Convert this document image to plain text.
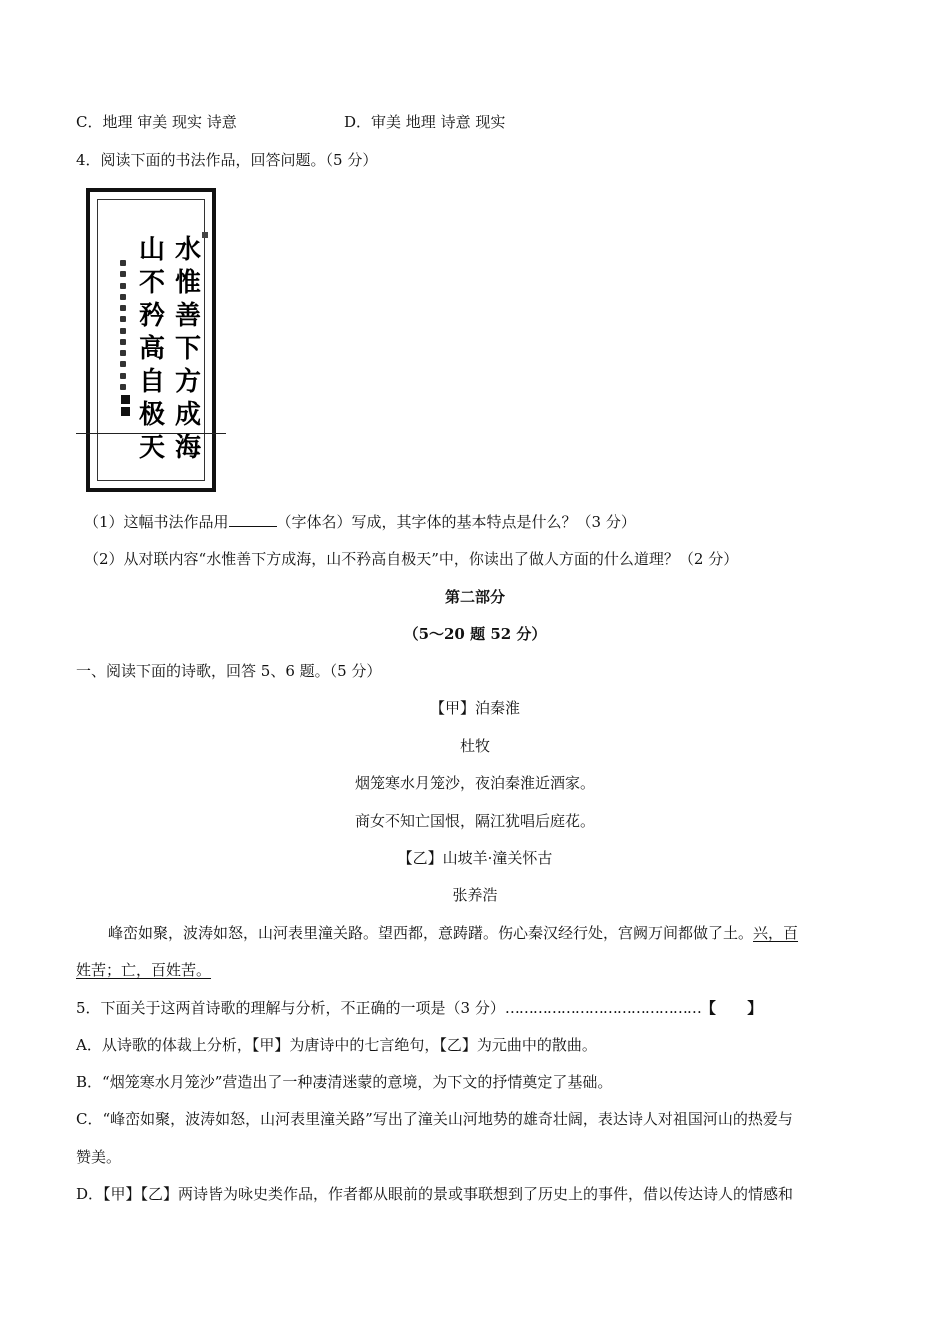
C．地理 审美 现实 诗意	D．审美 地理 诗意 现实
4．阅读下面的书法作品，回答问题。（5 分）
水
惟
善
下
方
成
海
山
不
矜
高
自
极
天
（1）这幅书法作品用	（字体名）写成，其字体的基本特点是什么？（3 分）
（2）从对联内容“水惟善下方成海，山不矜高自极天”中，你读出了做人方面的什么道理？（2 分）
第二部分
（5～20 题 52 分）
一、阅读下面的诗歌，回答 5、6 题。（5 分）
【甲】泊秦淮
杜牧
烟笼寒水月笼沙，夜泊秦淮近酒家。
商女不知亡国恨，隔江犹唱后庭花。
【乙】山坡羊·潼关怀古
张养浩
峰峦如聚，波涛如怒，山河表里潼关路。望西都，意踌躇。伤心秦汉经行处，宫阙万间都做了土。兴，百
姓苦；亡，百姓苦。
5．下面关于这两首诗歌的理解与分析，不正确的一项是（3 分）……………………………………【      】
A．从诗歌的体裁上分析，【甲】为唐诗中的七言绝句，【乙】为元曲中的散曲。
B．“烟笼寒水月笼沙”营造出了一种凄清迷蒙的意境，为下文的抒情奠定了基础。
C．“峰峦如聚，波涛如怒，山河表里潼关路”写出了潼关山河地势的雄奇壮阔，表达诗人对祖国河山的热爱与
赞美。
D．【甲】【乙】两诗皆为咏史类作品，作者都从眼前的景或事联想到了历史上的事件，借以传达诗人的情感和
